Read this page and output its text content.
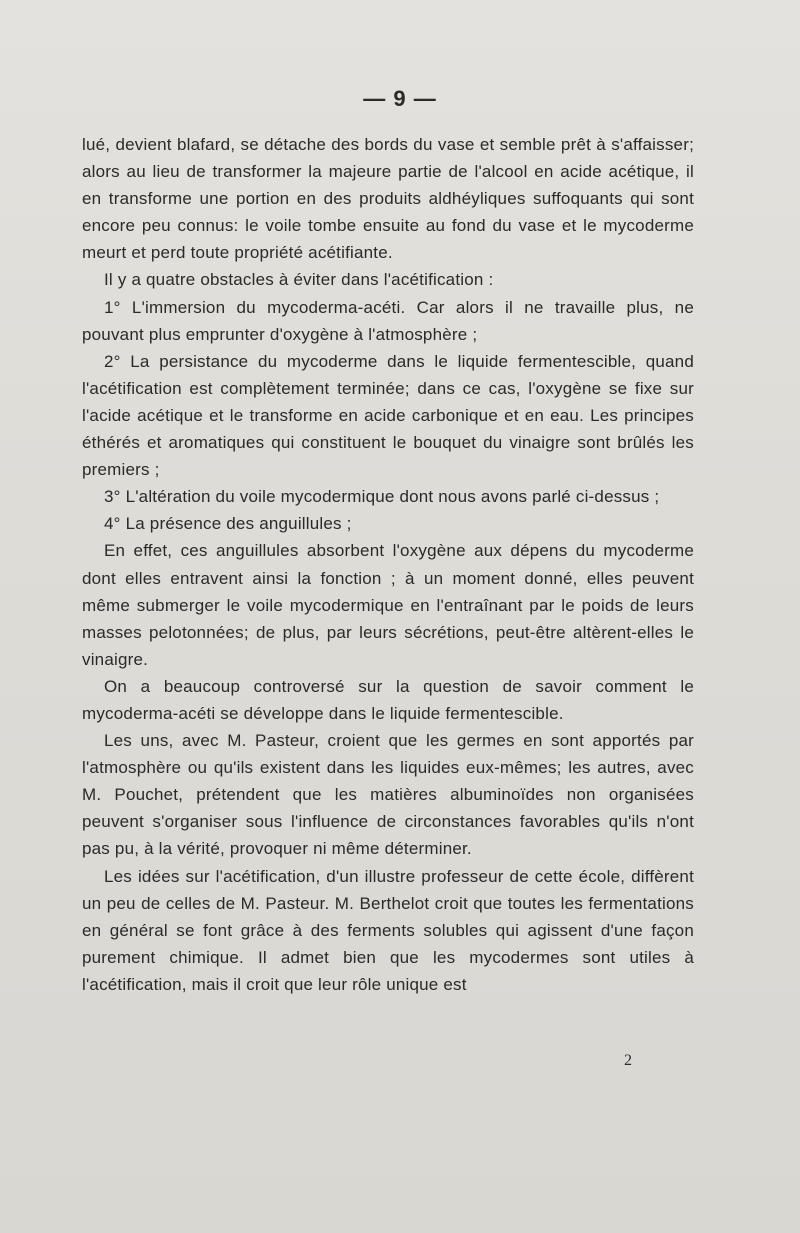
— 9 —

lué, devient blafard, se détache des bords du vase et semble prêt à s'affaisser; alors au lieu de transformer la majeure partie de l'alcool en acide acétique, il en transforme une portion en des produits aldhéyliques suffoquants qui sont encore peu connus: le voile tombe ensuite au fond du vase et le mycoderme meurt et perd toute propriété acétifiante.

Il y a quatre obstacles à éviter dans l'acétification :

1° L'immersion du mycoderma-acéti. Car alors il ne travaille plus, ne pouvant plus emprunter d'oxygène à l'atmosphère ;

2° La persistance du mycoderme dans le liquide fermentescible, quand l'acétification est complètement terminée; dans ce cas, l'oxygène se fixe sur l'acide acétique et le transforme en acide carbonique et en eau. Les principes éthérés et aromatiques qui constituent le bouquet du vinaigre sont brûlés les premiers ;

3° L'altération du voile mycodermique dont nous avons parlé ci-dessus ;

4° La présence des anguillules ;

En effet, ces anguillules absorbent l'oxygène aux dépens du mycoderme dont elles entravent ainsi la fonction ; à un moment donné, elles peuvent même submerger le voile mycodermique en l'entraînant par le poids de leurs masses pelotonnées; de plus, par leurs sécrétions, peut-être altèrent-elles le vinaigre.

On a beaucoup controversé sur la question de savoir comment le mycoderma-acéti se développe dans le liquide fermentescible.

Les uns, avec M. Pasteur, croient que les germes en sont apportés par l'atmosphère ou qu'ils existent dans les liquides eux-mêmes; les autres, avec M. Pouchet, prétendent que les matières albuminoïdes non organisées peuvent s'organiser sous l'influence de circonstances favorables qu'ils n'ont pas pu, à la vérité, provoquer ni même déterminer.

Les idées sur l'acétification, d'un illustre professeur de cette école, diffèrent un peu de celles de M. Pasteur. M. Berthelot croit que toutes les fermentations en général se font grâce à des ferments solubles qui agissent d'une façon purement chimique. Il admet bien que les mycodermes sont utiles à l'acétification, mais il croit que leur rôle unique est

2
